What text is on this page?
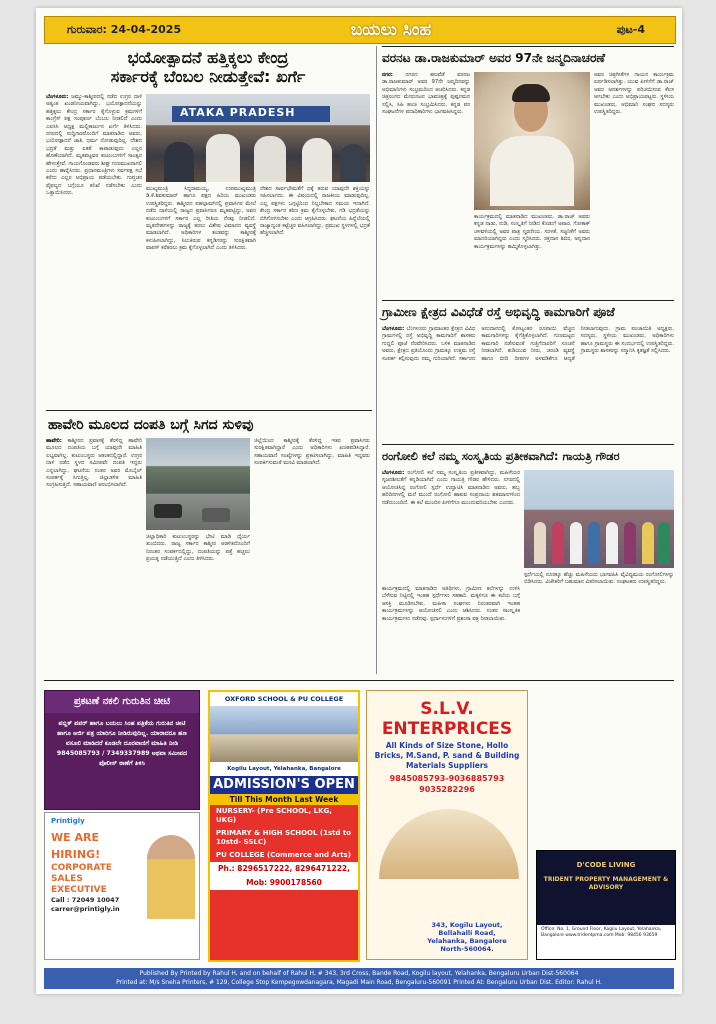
ಗುರುವಾರ: 24-04-2025	ಬಯಲು ಸಿಂಹ	ಪುಟ-4
ಭಯೋತ್ಪಾದನೆ ಹತ್ತಿಕ್ಕಲು ಕೇಂದ್ರ
ಸರ್ಕಾರಕ್ಕೆ ಬೆಂಬಲ ನೀಡುತ್ತೇವೆ: ಖರ್ಗೆ

ಬೆಂಗಳೂರು: ಜಮ್ಮು-ಕಾಶ್ಮೀರದಲ್ಲಿ ನಡೆದ ಉಗ್ರರ ದಾಳಿ ಅತ್ಯಂತ ಖಂಡನೀಯವಾಗಿದ್ದು, ಭಯೋತ್ಪಾದನೆಯನ್ನು ಹತ್ತಿಕ್ಕಲು ಕೇಂದ್ರ ಸರ್ಕಾರ ಕೈಗೊಳ್ಳುವ ಕ್ರಮಗಳಿಗೆ ಕಾಂಗ್ರೆಸ್ ಪಕ್ಷ ಸಂಪೂರ್ಣ ಬೆಂಬಲ ನೀಡಲಿದೆ ಎಂದು ಎಐಸಿಸಿ ಅಧ್ಯಕ್ಷ ಮಲ್ಲಿಕಾರ್ಜುನ ಖರ್ಗೆ ತಿಳಿಸಿದರು. ನಗರದಲ್ಲಿ ಸುದ್ದಿಗಾರರೊಂದಿಗೆ ಮಾತನಾಡಿದ ಅವರು, ಭಯೋತ್ಪಾದನೆ ಜಾತಿ, ಧರ್ಮ ನೋಡುವುದಿಲ್ಲ. ದೇಶದ ಭದ್ರತೆ ಮತ್ತು ಏಕತೆ ಕಾಪಾಡುವುದು ಎಲ್ಲರ ಹೊಣೆಯಾಗಿದೆ. ಮೃತಪಟ್ಟವರ ಕುಟುಂಬಗಳಿಗೆ ಸಾಂತ್ವನ ಹೇಳುತ್ತೇವೆ. ಗಾಯಗೊಂಡವರು ಶೀಘ್ರ ಗುಣಮುಖರಾಗಲಿ ಎಂದು ಹಾರೈಸಿದರು. ಪ್ರಧಾನಮಂತ್ರಿಗಳು ಸರ್ವಪಕ್ಷ ಸಭೆ ಕರೆದು ಎಲ್ಲರ ಅಭಿಪ್ರಾಯ ಪಡೆಯಬೇಕು. ಗುಪ್ತಚರ ವೈಫಲ್ಯದ ಬಗ್ಗೆಯೂ ತನಿಖೆ ನಡೆಸಬೇಕು ಎಂದು ಒತ್ತಾಯಿಸಿದರು.

ATAKA PRADESH

ಮುಖ್ಯಮಂತ್ರಿ ಸಿದ್ದರಾಮಯ್ಯ, ಉಪಮುಖ್ಯಮಂತ್ರಿ ಡಿ.ಕೆ.ಶಿವಕುಮಾರ್ ಹಾಗೂ ಪಕ್ಷದ ಹಿರಿಯ ಮುಖಂಡರು ಉಪಸ್ಥಿತರಿದ್ದರು. ಕಾಶ್ಮೀರದ ಪಹಲ್ಗಾಮ್‌ನಲ್ಲಿ ಪ್ರವಾಸಿಗರ ಮೇಲೆ ನಡೆದ ದಾಳಿಯಲ್ಲಿ ರಾಜ್ಯದ ಪ್ರವಾಸಿಗರೂ ಮೃತಪಟ್ಟಿದ್ದು, ಅವರ ಕುಟುಂಬಗಳಿಗೆ ಸರ್ಕಾರ ಎಲ್ಲ ರೀತಿಯ ನೆರವು ನೀಡಲಿದೆ. ಮೃತದೇಹಗಳನ್ನು ರಾಜ್ಯಕ್ಕೆ ತರಲು ವಿಶೇಷ ವಿಮಾನದ ವ್ಯವಸ್ಥೆ ಮಾಡಲಾಗಿದೆ. ಅಧಿಕಾರಿಗಳ ತಂಡವನ್ನು ಕಾಶ್ಮೀರಕ್ಕೆ ಕಳುಹಿಸಲಾಗಿದ್ದು, ಸಿಲುಕಿರುವ ಕನ್ನಡಿಗರನ್ನು ಸುರಕ್ಷಿತವಾಗಿ ವಾಪಸ್ ಕರೆತರಲು ಕ್ರಮ ಕೈಗೊಳ್ಳಲಾಗಿದೆ ಎಂದು ತಿಳಿಸಿದರು.

ದೇಶದ ಸಾರ್ವಭೌಮತೆಗೆ ಧಕ್ಕೆ ತರುವ ಯಾವುದೇ ಶಕ್ತಿಯನ್ನು ಸಹಿಸಲಾಗದು. ಈ ವಿಷಯದಲ್ಲಿ ರಾಜಕೀಯ ಮಾಡುವುದಿಲ್ಲ. ಎಲ್ಲ ಪಕ್ಷಗಳು ಒಗ್ಗಟ್ಟಿನಿಂದ ನಿಲ್ಲಬೇಕಾದ ಸಮಯ ಇದಾಗಿದೆ. ಕೇಂದ್ರ ಸರ್ಕಾರ ಕಠಿಣ ಕ್ರಮ ಕೈಗೊಳ್ಳಬೇಕು, ಗಡಿ ಭದ್ರತೆಯನ್ನು ಬಿಗಿಗೊಳಿಸಬೇಕು ಎಂದು ಆಗ್ರಹಿಸಿದರು. ಘಟನೆಯ ಹಿನ್ನೆಲೆಯಲ್ಲಿ ರಾಜ್ಯಾದ್ಯಂತ ಕಟ್ಟೆಚ್ಚರ ವಹಿಸಲಾಗಿದ್ದು, ಪ್ರಮುಖ ಸ್ಥಳಗಳಲ್ಲಿ ಭದ್ರತೆ ಹೆಚ್ಚಿಸಲಾಗಿದೆ.

ವರನಟ ಡಾ.ರಾಜಕುಮಾರ್ ಅವರ 97ನೇ ಜನ್ಮದಿನಾಚರಣೆ

ನಗರ: ನಗರದ ಹಲವೆಡೆ ವರನಟ ಡಾ.ರಾಜಕುಮಾರ್ ಅವರ 97ನೇ ಜನ್ಮದಿನವನ್ನು ಅಭಿಮಾನಿಗಳು ಸಂಭ್ರಮದಿಂದ ಆಚರಿಸಿದರು. ಕನ್ನಡ ಚಿತ್ರರಂಗದ ಮೇರುನಟನ ಭಾವಚಿತ್ರಕ್ಕೆ ಪುಷ್ಪನಮನ ಸಲ್ಲಿಸಿ, ಸಿಹಿ ಹಂಚಿ ಸಂಭ್ರಮಿಸಿದರು. ಕನ್ನಡ ಪರ ಸಂಘಟನೆಗಳ ಪದಾಧಿಕಾರಿಗಳು ಭಾಗವಹಿಸಿದ್ದರು.

ಕಾರ್ಯಕ್ರಮದಲ್ಲಿ ಮಾತನಾಡಿದ ಮುಖಂಡರು, ಡಾ.ರಾಜ್ ಅವರು ಕನ್ನಡ ನಾಡು, ನುಡಿ, ಸಂಸ್ಕೃತಿಗೆ ನೀಡಿದ ಕೊಡುಗೆ ಅಪಾರ. ಗೋಕಾಕ್ ಚಳವಳಿಯಲ್ಲಿ ಅವರ ಪಾತ್ರ ಸ್ಮರಣೀಯ. ಸರಳತೆ, ಸಜ್ಜನಿಕೆಗೆ ಅವರು ಮಾದರಿಯಾಗಿದ್ದರು ಎಂದು ಸ್ಮರಿಸಿದರು. ರಕ್ತದಾನ ಶಿಬಿರ, ಅನ್ನದಾನ ಕಾರ್ಯಕ್ರಮಗಳನ್ನು ಹಮ್ಮಿಕೊಳ್ಳಲಾಗಿತ್ತು.

ಅವರ ಚಿತ್ರಗೀತೆಗಳ ಗಾಯನ ಕಾರ್ಯಕ್ರಮ ಏರ್ಪಡಿಸಲಾಗಿತ್ತು. ಯುವ ಪೀಳಿಗೆಗೆ ಡಾ.ರಾಜ್ ಅವರ ಆದರ್ಶಗಳನ್ನು ಪರಿಚಯಿಸುವ ಕೆಲಸ ಆಗಬೇಕು ಎಂದು ಅಭಿಪ್ರಾಯಪಟ್ಟರು. ಸ್ಥಳೀಯ ಮುಖಂಡರು, ಅಭಿಮಾನಿ ಸಂಘದ ಸದಸ್ಯರು ಉಪಸ್ಥಿತರಿದ್ದರು.

ಗ್ರಾಮೀಣ ಕ್ಷೇತ್ರದ ವಿವಿಧೆಡೆ ರಸ್ತೆ ಅಭಿವೃದ್ಧಿ ಕಾಮಗಾರಿಗೆ ಪೂಜೆ

ಬೆಂಗಳೂರು: ಬೆಂಗಳೂರು ಗ್ರಾಮಾಂತರ ಕ್ಷೇತ್ರದ ವಿವಿಧ ಗ್ರಾಮಗಳಲ್ಲಿ ರಸ್ತೆ ಅಭಿವೃದ್ಧಿ ಕಾಮಗಾರಿಗೆ ಶಾಸಕರು ಗುದ್ದಲಿ ಪೂಜೆ ನೆರವೇರಿಸಿದರು. ಬಳಿಕ ಮಾತನಾಡಿದ ಅವರು, ಕ್ಷೇತ್ರದ ಪ್ರತಿಯೊಂದು ಗ್ರಾಮಕ್ಕೂ ಉತ್ತಮ ರಸ್ತೆ ಸಂಪರ್ಕ ಕಲ್ಪಿಸುವುದು ನಮ್ಮ ಗುರಿಯಾಗಿದೆ. ಸರ್ಕಾರದ ಅನುದಾನದಲ್ಲಿ ಕೋಟ್ಯಂತರ ರೂಪಾಯಿ ವೆಚ್ಚದ ಕಾಮಗಾರಿಗಳನ್ನು ಕೈಗೆತ್ತಿಕೊಳ್ಳಲಾಗಿದೆ. ಗುಣಮಟ್ಟದ ಕಾಮಗಾರಿ ನಡೆಸುವಂತೆ ಗುತ್ತಿಗೆದಾರರಿಗೆ ಸೂಚನೆ ನೀಡಲಾಗಿದೆ. ಕುಡಿಯುವ ನೀರು, ಚರಂಡಿ ವ್ಯವಸ್ಥೆ ಹಾಗೂ ಬೀದಿ ದೀಪಗಳ ಅಳವಡಿಕೆಗೂ ಆದ್ಯತೆ ನೀಡಲಾಗುವುದು. ಗ್ರಾಮ ಪಂಚಾಯಿತಿ ಅಧ್ಯಕ್ಷರು, ಸದಸ್ಯರು, ಸ್ಥಳೀಯ ಮುಖಂಡರು, ಅಧಿಕಾರಿಗಳು ಹಾಗೂ ಗ್ರಾಮಸ್ಥರು ಈ ಸಂದರ್ಭದಲ್ಲಿ ಉಪಸ್ಥಿತರಿದ್ದರು. ಗ್ರಾಮಸ್ಥರು ಶಾಸಕರನ್ನು ಸನ್ಮಾನಿಸಿ ಕೃತಜ್ಞತೆ ಸಲ್ಲಿಸಿದರು.

ಹಾವೇರಿ ಮೂಲದ ದಂಪತಿ ಬಗ್ಗೆ ಸಿಗದ ಸುಳಿವು

ಹಾವೇರಿ: ಕಾಶ್ಮೀರದ ಪ್ರವಾಸಕ್ಕೆ ತೆರಳಿದ್ದ ಹಾವೇರಿ ಮೂಲದ ದಂಪತಿಯ ಬಗ್ಗೆ ಯಾವುದೇ ಮಾಹಿತಿ ಲಭ್ಯವಾಗಿಲ್ಲ. ಕುಟುಂಬಸ್ಥರು ಆತಂಕದಲ್ಲಿದ್ದಾರೆ. ಉಗ್ರರ ದಾಳಿ ನಡೆದ ಸ್ಥಳದ ಸಮೀಪವೇ ದಂಪತಿ ಇದ್ದರು ಎನ್ನಲಾಗಿದ್ದು, ಘಟನೆಯ ನಂತರ ಅವರ ಮೊಬೈಲ್ ಸಂಪರ್ಕಕ್ಕೆ ಸಿಗುತ್ತಿಲ್ಲ. ಜಿಲ್ಲಾಡಳಿತ ಮಾಹಿತಿ ಸಂಗ್ರಹಿಸುತ್ತಿದೆ. ಸಹಾಯವಾಣಿ ಆರಂಭಿಸಲಾಗಿದೆ.

ಜಿಲ್ಲಾಧಿಕಾರಿ ಕುಟುಂಬಸ್ಥರನ್ನು ಭೇಟಿ ಮಾಡಿ ಧೈರ್ಯ ತುಂಬಿದರು. ರಾಜ್ಯ ಸರ್ಕಾರ ಕಾಶ್ಮೀರ ಆಡಳಿತದೊಂದಿಗೆ ನಿರಂತರ ಸಂಪರ್ಕದಲ್ಲಿದ್ದು, ದಂಪತಿಯನ್ನು ಪತ್ತೆ ಹಚ್ಚಲು ಪ್ರಯತ್ನ ನಡೆಯುತ್ತಿದೆ ಎಂದು ತಿಳಿಸಿದರು.

ಜಿಲ್ಲೆಯಿಂದ ಕಾಶ್ಮೀರಕ್ಕೆ ತೆರಳಿದ್ದ ಇತರ ಪ್ರವಾಸಿಗರು ಸುರಕ್ಷಿತವಾಗಿದ್ದಾರೆ ಎಂದು ಅಧಿಕಾರಿಗಳು ಖಚಿತಪಡಿಸಿದ್ದಾರೆ. ಸಹಾಯವಾಣಿ ಸಂಖ್ಯೆಗಳನ್ನು ಪ್ರಕಟಿಸಲಾಗಿದ್ದು, ಮಾಹಿತಿ ಇದ್ದವರು ಸಂಪರ್ಕಿಸುವಂತೆ ಮನವಿ ಮಾಡಲಾಗಿದೆ.

ರಂಗೋಲಿ ಕಲೆ ನಮ್ಮ ಸಂಸ್ಕೃತಿಯ ಪ್ರತೀಕವಾಗಿದೆ: ಗಾಯತ್ರಿ ಗೌಡರ

ಬೆಂಗಳೂರು: ರಂಗೋಲಿ ಕಲೆ ನಮ್ಮ ಸಂಸ್ಕೃತಿಯ ಪ್ರತೀಕವಾಗಿದ್ದು, ಮಹಿಳೆಯರ ಸೃಜನಶೀಲತೆಗೆ ಕನ್ನಡಿಯಾಗಿದೆ ಎಂದು ಗಾಯತ್ರಿ ಗೌಡರ ಹೇಳಿದರು. ನಗರದಲ್ಲಿ ಆಯೋಜಿಸಿದ್ದ ರಂಗೋಲಿ ಸ್ಪರ್ಧೆ ಉದ್ಘಾಟಿಸಿ ಮಾತನಾಡಿದ ಅವರು, ಹಬ್ಬ ಹರಿದಿನಗಳಲ್ಲಿ ಮನೆ ಮುಂದೆ ರಂಗೋಲಿ ಹಾಕುವ ಸಂಪ್ರದಾಯ ಶತಮಾನಗಳಿಂದ ನಡೆದುಬಂದಿದೆ. ಈ ಕಲೆ ಮುಂದಿನ ಪೀಳಿಗೆಗೂ ಮುಂದುವರಿಯಬೇಕು ಎಂದರು.

ಸ್ಪರ್ಧೆಯಲ್ಲಿ ನೂರಕ್ಕೂ ಹೆಚ್ಚು ಮಹಿಳೆಯರು ಭಾಗವಹಿಸಿ ವೈವಿಧ್ಯಮಯ ರಂಗೋಲಿಗಳನ್ನು ಬಿಡಿಸಿದರು. ವಿಜೇತರಿಗೆ ಬಹುಮಾನ ವಿತರಿಸಲಾಯಿತು. ಸಂಘಟಕರು ಉಪಸ್ಥಿತರಿದ್ದರು.

ಕಾರ್ಯಕ್ರಮದಲ್ಲಿ ಮಾತನಾಡಿದ ಅತಿಥಿಗಳು, ಗ್ರಾಮೀಣ ಕಲೆಗಳನ್ನು ಉಳಿಸಿ ಬೆಳೆಸುವ ನಿಟ್ಟಿನಲ್ಲಿ ಇಂತಹ ಸ್ಪರ್ಧೆಗಳು ಸಹಕಾರಿ. ಮಕ್ಕಳಿಗೂ ಈ ಕಲೆಯ ಬಗ್ಗೆ ಆಸಕ್ತಿ ಮೂಡಿಸಬೇಕು. ಮಹಿಳಾ ಸಂಘಗಳು ನಿರಂತರವಾಗಿ ಇಂತಹ ಕಾರ್ಯಕ್ರಮಗಳನ್ನು ಆಯೋಜಿಸಲಿ ಎಂದು ಆಶಿಸಿದರು. ನಂತರ ಸಾಂಸ್ಕೃತಿಕ ಕಾರ್ಯಕ್ರಮಗಳು ನಡೆದವು. ಸ್ಪರ್ಧಾಳುಗಳಿಗೆ ಪ್ರಶಂಸಾ ಪತ್ರ ನೀಡಲಾಯಿತು.

ಪ್ರಕಟಣೆ ನಕಲಿ ಗುರುತಿನ ಚೀಟಿ
ಪಬ್ಲಿಕ್ ಪವರ್ ಹಾಗೂ ಬಯಲು ಸಿಂಹ ಪತ್ರಿಕೆಯ ಗುರುತಿನ ಚೀಟಿ ಹಾಗೂ ಅರ್ಜಿ ಪತ್ರ ಯಾರಿಗೂ ನೀಡಿರುವುದಿಲ್ಲ. ಯಾರಾದರೂ ಹಣ ವಸೂಲಿ ಮಾಡಿದರೆ ಕೂಡಲೇ ದೂರವಾಣಿಗೆ ಮಾಹಿತಿ ನೀಡಿ 9845085793 / 7349337989 ಅಥವಾ ಸಮೀಪದ ಪೊಲೀಸ್ ಠಾಣೆಗೆ ತಿಳಿಸಿ
Printigly
WE ARE
HIRING!
CORPORATE
SALES
EXECUTIVE
Call : 72049 10047
carrer@printigly.in
OXFORD SCHOOL & PU COLLEGE
Kogilu Layout, Yelahanka, Bangalore
ADMISSION'S OPEN
Till This Month Last Week
NURSERY- (Pre SCHOOL, LKG, UKG)
PRIMARY & HIGH SCHOOL (1std to 10std- SSLC)
PU COLLEGE (Commerce and Arts)
Ph.: 8296517222, 8296471222,
Mob: 9900178560
S.L.V. ENTERPRICES
All Kinds of Size Stone, Hollo Bricks, M.Sand, P. sand & Building Materials Suppliers
9845085793-9036885793
9035282296
343, Kogilu Layout, Bellahalli Road, Yelahanka, Bangalore North-560064.
D'CODE LIVING
TRIDENT PROPERTY MANAGEMENT & ADVISORY
Office: No. 1, Ground Floor, Kogilu Layout, Yelahanka, Bangalore www.tridentpma.com Mob: 98456 93659
Published By Printed by Rahul H, and on behalf of Rahul H, # 343, 3rd Cross, Bande Road, Kogilu layout, Yelahanka, Bengaluru Urban Dist-560064
Printed at: M/s Sneha Printers, # 129, College Stop Kempegowdanagara, Magadi Main Road, Bengaluru-560091 Printed At: Bengaluru Urban Dist. Editor: Rahul H.
